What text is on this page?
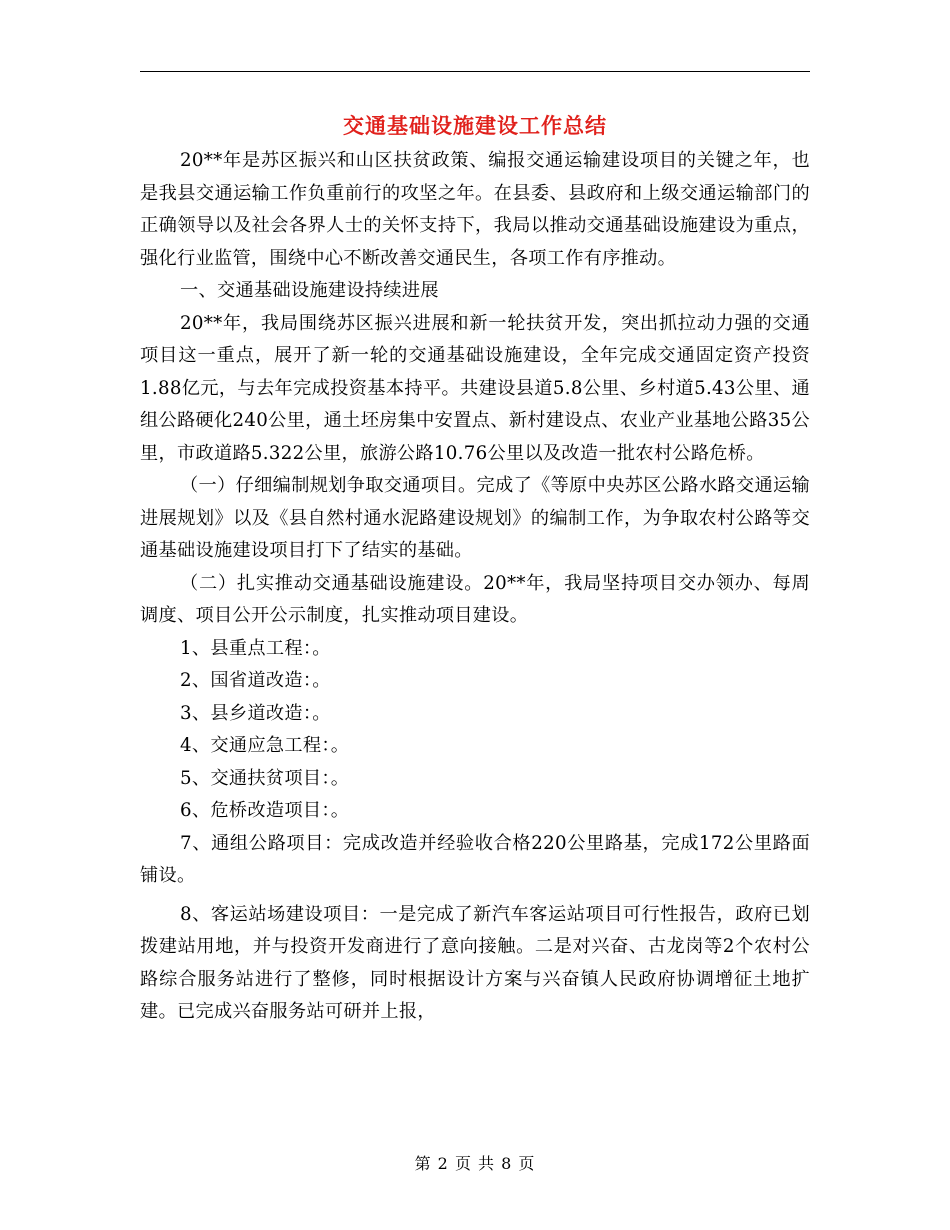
交通基础设施建设工作总结

20**年是苏区振兴和山区扶贫政策、编报交通运输建设项目的关键之年，也是我县交通运输工作负重前行的攻坚之年。在县委、县政府和上级交通运输部门的正确领导以及社会各界人士的关怀支持下，我局以推动交通基础设施建设为重点，强化行业监管，围绕中心不断改善交通民生，各项工作有序推动。

一、交通基础设施建设持续进展

20**年，我局围绕苏区振兴进展和新一轮扶贫开发，突出抓拉动力强的交通项目这一重点，展开了新一轮的交通基础设施建设，全年完成交通固定资产投资1.88亿元，与去年完成投资基本持平。共建设县道5.8公里、乡村道5.43公里、通组公路硬化240公里，通土坯房集中安置点、新村建设点、农业产业基地公路35公里，市政道路5.322公里，旅游公路10.76公里以及改造一批农村公路危桥。

（一）仔细编制规划争取交通项目。完成了《等原中央苏区公路水路交通运输进展规划》以及《县自然村通水泥路建设规划》的编制工作，为争取农村公路等交通基础设施建设项目打下了结实的基础。

（二）扎实推动交通基础设施建设。20**年，我局坚持项目交办领办、每周调度、项目公开公示制度，扎实推动项目建设。

1、县重点工程：。

2、国省道改造：。

3、县乡道改造：。

4、交通应急工程：。

5、交通扶贫项目：。

6、危桥改造项目：。

7、通组公路项目：完成改造并经验收合格220公里路基，完成172公里路面铺设。

8、客运站场建设项目：一是完成了新汽车客运站项目可行性报告，政府已划拨建站用地，并与投资开发商进行了意向接触。二是对兴奋、古龙岗等2个农村公路综合服务站进行了整修，同时根据设计方案与兴奋镇人民政府协调增征土地扩建。已完成兴奋服务站可研并上报，

第 2 页 共 8 页
